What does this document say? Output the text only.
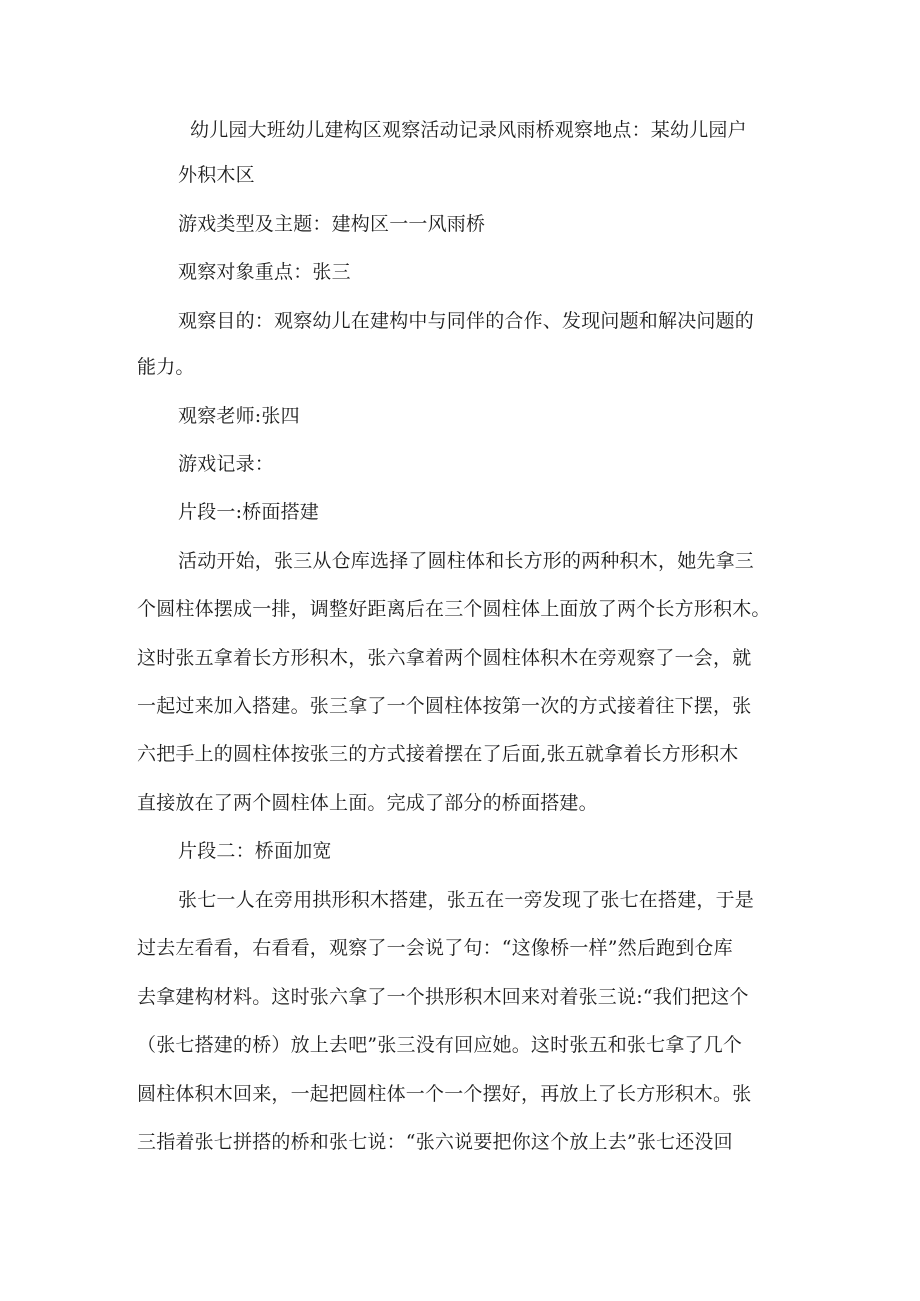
幼儿园大班幼儿建构区观察活动记录风雨桥观察地点：某幼儿园户
外积木区
游戏类型及主题：建构区一一风雨桥
观察对象重点：张三
观察目的：观察幼儿在建构中与同伴的合作、发现问题和解决问题的
能力。
观察老师:张四
游戏记录：
片段一:桥面搭建
活动开始，张三从仓库选择了圆柱体和长方形的两种积木，她先拿三
个圆柱体摆成一排，调整好距离后在三个圆柱体上面放了两个长方形积木。
这时张五拿着长方形积木，张六拿着两个圆柱体积木在旁观察了一会，就
一起过来加入搭建。张三拿了一个圆柱体按第一次的方式接着往下摆，张
六把手上的圆柱体按张三的方式接着摆在了后面,张五就拿着长方形积木
直接放在了两个圆柱体上面。完成了部分的桥面搭建。
片段二：桥面加宽
张七一人在旁用拱形积木搭建，张五在一旁发现了张七在搭建，于是
过去左看看，右看看，观察了一会说了句：“这像桥一样”然后跑到仓库
去拿建构材料。这时张六拿了一个拱形积木回来对着张三说:“我们把这个
（张七搭建的桥）放上去吧”张三没有回应她。这时张五和张七拿了几个
圆柱体积木回来，一起把圆柱体一个一个摆好，再放上了长方形积木。张
三指着张七拼搭的桥和张七说：“张六说要把你这个放上去”张七还没回
